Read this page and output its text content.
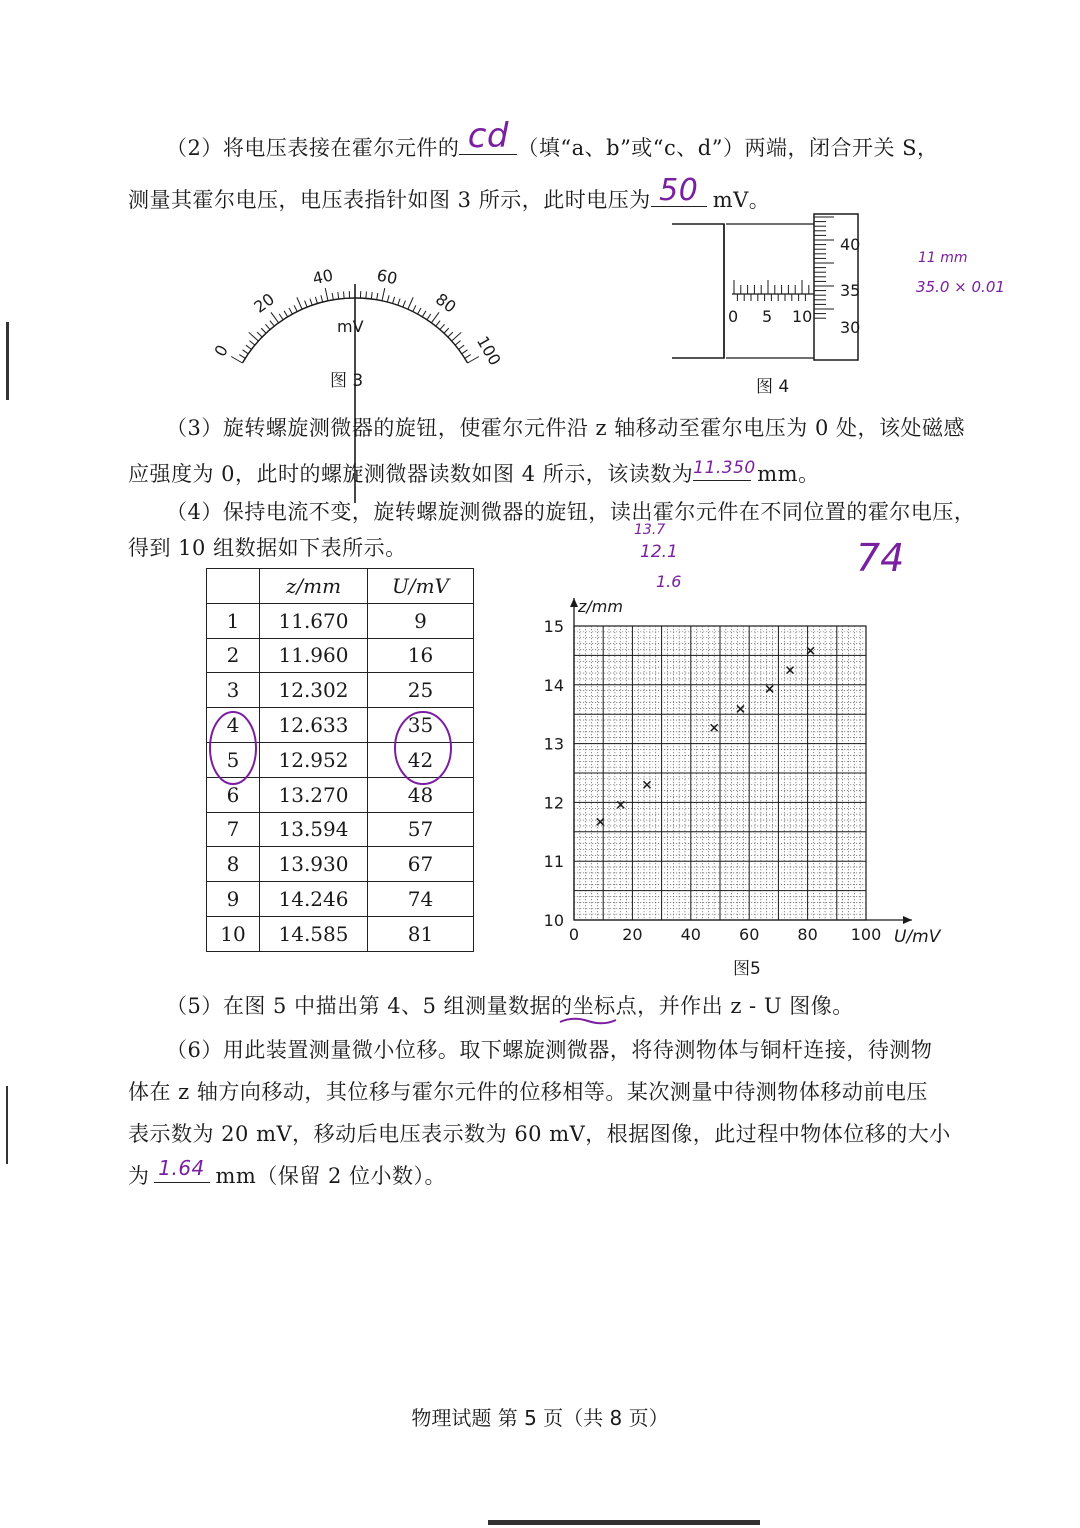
（2）将电压表接在霍尔元件的 cd （填“a、b”或“c、d”）两端，闭合开关 S，
测量其霍尔电压，电压表指针如图 3 所示，此时电压为 50 mV。
0
20
40	60
80
100
mV
图 3
0 5 10
40
35
30
图 4
11 mm
35.0 × 0.01
（3）旋转螺旋测微器的旋钮，使霍尔元件沿 z 轴移动至霍尔电压为 0 处，该处磁感
应强度为 0，此时的螺旋测微器读数如图 4 所示，该读数为 11.350 mm。
（4）保持电流不变，旋转螺旋测微器的旋钮，读出霍尔元件在不同位置的霍尔电压，
得到 10 组数据如下表所示。
13.7
12.1
1.6
74
	z/mm	U/mV
1	11.670	9
2	11.960	16
3	12.302	25
4	12.633	35
5	12.952	42
6	13.270	48
7	13.594	57
8	13.930	67
9	14.246	74
10	14.585	81	0	20 40 60 80 100
10
11
12
13
14
15
U/mV
z/mm
图5
（5）在图 5 中描出第 4、5 组测量数据的坐标点，并作出 z - U 图像。
（6）用此装置测量微小位移。取下螺旋测微器，将待测物体与铜杆连接，待测物
体在 z 轴方向移动，其位移与霍尔元件的位移相等。某次测量中待测物体移动前电压
表示数为 20 mV，移动后电压表示数为 60 mV，根据图像，此过程中物体位移的大小
为 1.64 mm（保留 2 位小数）。
物理试题 第 5 页（共 8 页）
